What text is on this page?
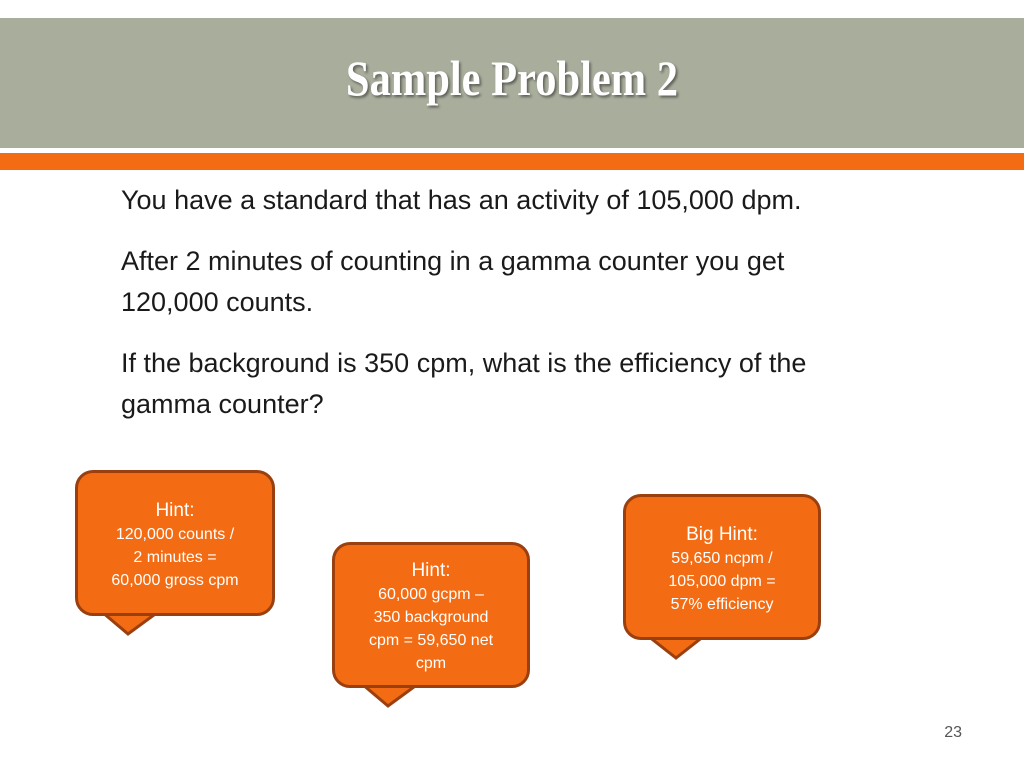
Sample Problem 2

You have a standard that has an activity of 105,000 dpm.

After 2 minutes of counting in a gamma counter you get 120,000 counts.

If the background is 350 cpm, what is the efficiency of the gamma counter?

Hint:
120,000 counts /
2 minutes =
60,000 gross cpm	Hint:
60,000 gcpm –
350 background
cpm = 59,650 net
cpm
Big Hint:
59,650 ncpm /
105,000 dpm =
57% efficiency
23
